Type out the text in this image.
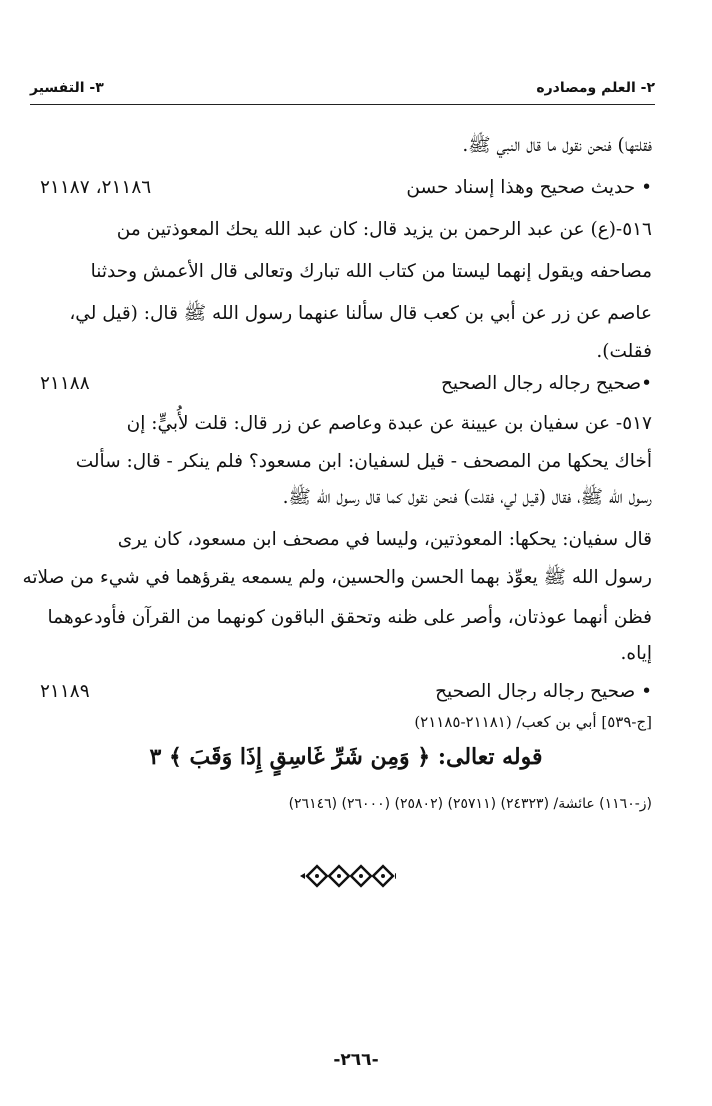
٢- العلم ومصادره
٣- التفسير
فقلتها) فنحن نقول ما قال النبي ﷺ.
• حديث صحيح وهذا إسناد حسن
٢١١٨٦، ٢١١٨٧
٥١٦-(ع) عن عبد الرحمن بن يزيد قال: كان عبد الله يحك المعوذتين من
مصاحفه ويقول إنهما ليستا من كتاب الله تبارك وتعالى قال الأعمش وحدثنا
عاصم عن زر عن أبي بن كعب قال سألنا عنهما رسول الله ﷺ قال: (قيل لي،
فقلت).
•صحيح رجاله رجال الصحيح
٢١١٨٨
٥١٧- عن سفيان بن عيينة عن عبدة وعاصم عن زر قال: قلت لأُبيٍّ: إن
أخاك يحكها من المصحف - قيل لسفيان: ابن مسعود؟ فلم ينكر - قال: سألت
رسول الله ﷺ، فقال (قيل لي، فقلت) فنحن نقول كما قال رسول الله ﷺ.
قال سفيان: يحكها: المعوذتين، وليسا في مصحف ابن مسعود، كان يرى
رسول الله ﷺ يعوِّذ بهما الحسن والحسين، ولم يسمعه يقرؤهما في شيء من صلاته
فظن أنهما عوذتان، وأصر على ظنه وتحقق الباقون كونهما من القرآن فأودعوهما
إياه.
• صحيح رجاله رجال الصحيح
٢١١٨٩
[ج-٥٣٩] أبي بن كعب/ (٢١١٨١-٢١١٨٥)
قوله تعالى: ﴿ وَمِن شَرِّ غَاسِقٍ إِذَا وَقَبَ ﴾ ٣
(ز-١١٦٠) عائشة/ (٢٤٣٢٣) (٢٥٧١١) (٢٥٨٠٢) (٢٦٠٠٠) (٢٦١٤٦)
-٢٦٦-
